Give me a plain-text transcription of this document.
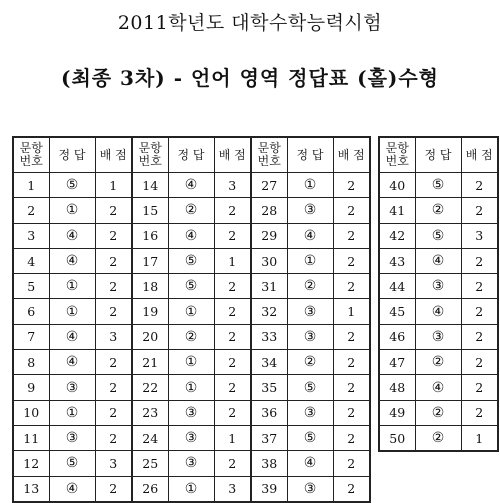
2011학년도 대학수학능력시험
(최종 3차) - 언어 영역 정답표 (홀)수형
문항번호	정 답	배 점	문항번호	정 답	배 점	문항번호	정 답	배 점
1	⑤	1	14	④	3	27	①	2
2	①	2	15	②	2	28	③	2
3	④	2	16	④	2	29	④	2
4	④	2	17	⑤	1	30	①	2
5	①	2	18	⑤	2	31	②	2
6	①	2	19	①	2	32	③	1
7	④	3	20	②	2	33	③	2
8	④	2	21	①	2	34	②	2
9	③	2	22	①	2	35	⑤	2
10	①	2	23	③	2	36	③	2
11	③	2	24	③	1	37	⑤	2
12	⑤	3	25	③	2	38	④	2
13	④	2	26	①	3	39	③	2
문항번호	정 답	배 점
40	⑤	2
41	②	2
42	⑤	3
43	④	2
44	③	2
45	④	2
46	③	2
47	②	2
48	④	2
49	②	2
50	②	1
